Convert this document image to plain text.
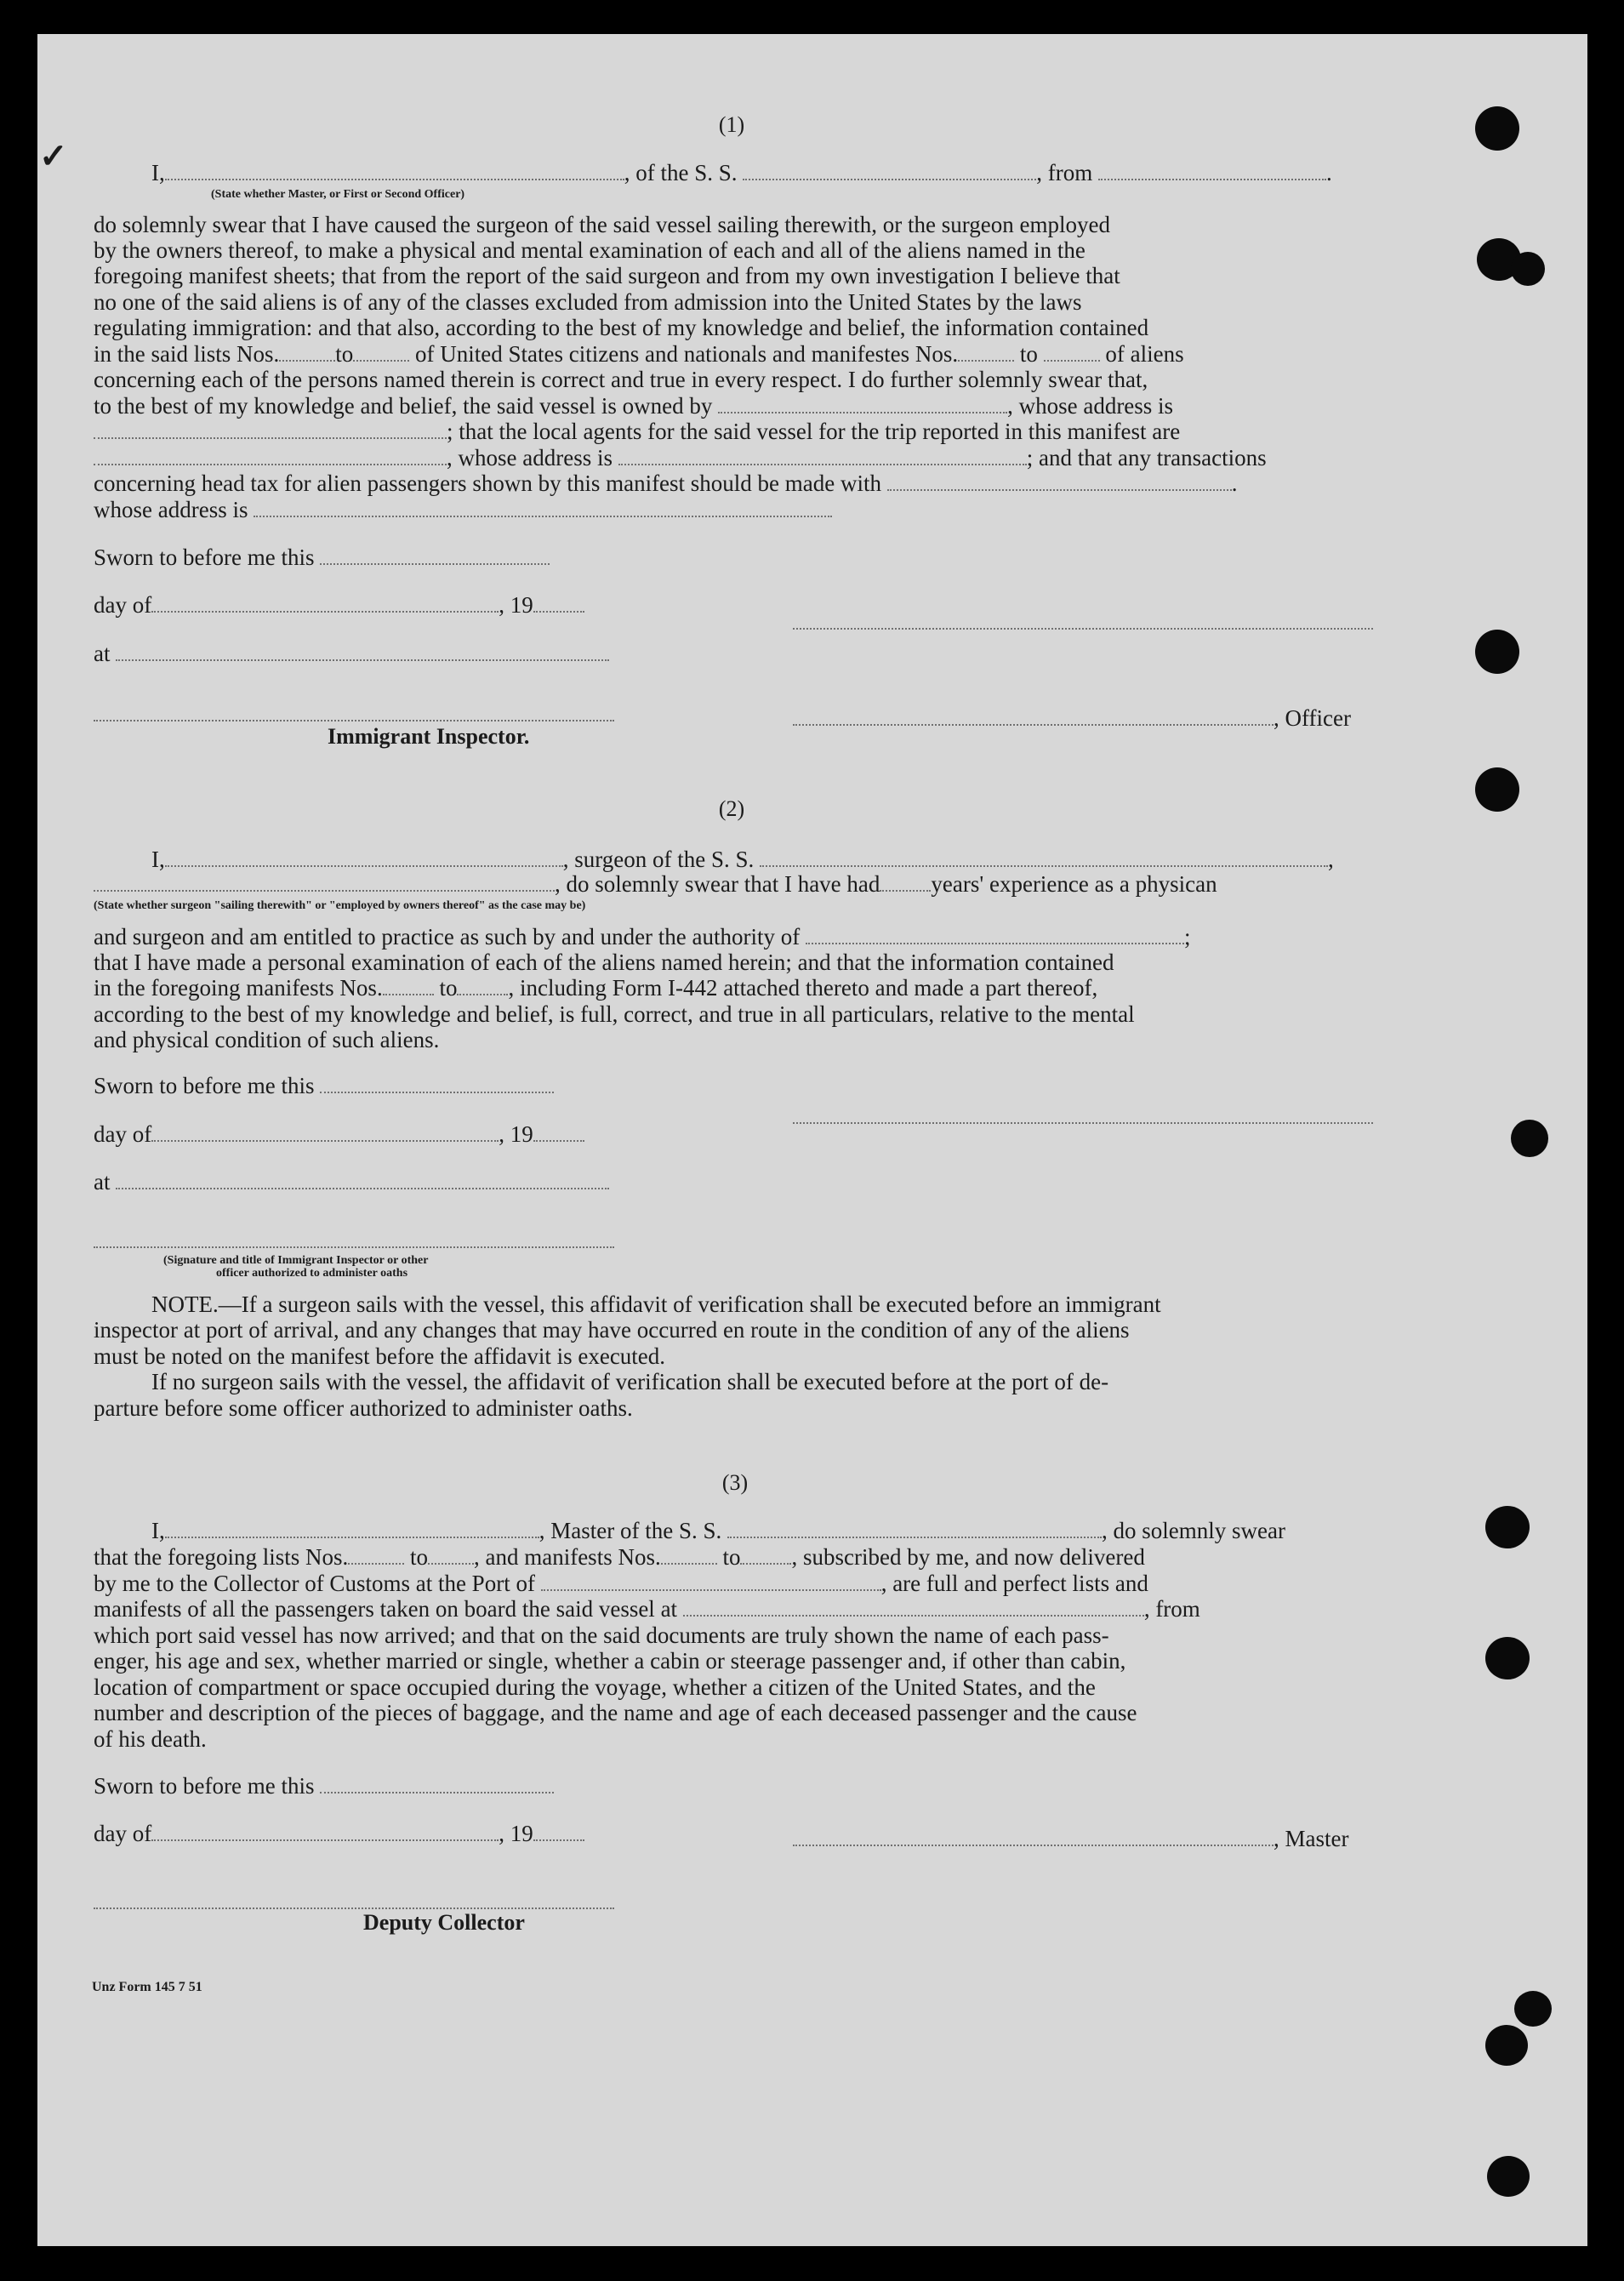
✓
(1)
I,	, of the S. S.	, from	.
(State whether Master, or First or Second Officer)
do solemnly swear that I have caused the surgeon of the said vessel sailing therewith, or the surgeon employed
by the owners thereof, to make a physical and mental examination of each and all of the aliens named in the
foregoing manifest sheets; that from the report of the said surgeon and from my own investigation I believe that
no one of the said aliens is of any of the classes excluded from admission into the United States by the laws
regulating immigration: and that also, according to the best of my knowledge and belief, the information contained
in the said lists Nos. to	of United States citizens and nationals and manifestes Nos.	to	of aliens
concerning each of the persons named therein is correct and true in every respect. I do further solemnly swear that,
to the best of my knowledge and belief, the said vessel is owned by	, whose address is
; that the local agents for the said vessel for the trip reported in this manifest are
, whose address is	; and that any transactions
concerning head tax for alien passengers shown by this manifest should be made with	.
whose address is
Sworn to before me this
day of	, 19
at
, Officer
Immigrant Inspector.
(2)
I,	, surgeon of the S. S.	,
, do solemnly swear that I have had years' experience as a physican
(State whether surgeon "sailing therewith" or "employed by owners thereof" as the case may be)
and surgeon and am entitled to practice as such by and under the authority of	;
that I have made a personal examination of each of the aliens named herein; and that the information contained
in the foregoing manifests Nos. to , including Form I-442 attached thereto and made a part thereof,
according to the best of my knowledge and belief, is full, correct, and true in all particulars, relative to the mental
and physical condition of such aliens.
Sworn to before me this
day of	, 19
at
(Signature and title of Immigrant Inspector or other
officer authorized to administer oaths
NOTE.—If a surgeon sails with the vessel, this affidavit of verification shall be executed before an immigrant
inspector at port of arrival, and any changes that may have occurred en route in the condition of any of the aliens
must be noted on the manifest before the affidavit is executed.
If no surgeon sails with the vessel, the affidavit of verification shall be executed before at the port of de-
parture before some officer authorized to administer oaths.
(3)
I,	, Master of the S. S.	, do solemnly swear
that the foregoing lists Nos.	to , and manifests Nos.	to , subscribed by me, and now delivered
by me to the Collector of Customs at the Port of	, are full and perfect lists and
manifests of all the passengers taken on board the said vessel at	, from
which port said vessel has now arrived; and that on the said documents are truly shown the name of each pass-
enger, his age and sex, whether married or single, whether a cabin or steerage passenger and, if other than cabin,
location of compartment or space occupied during the voyage, whether a citizen of the United States, and the
number and description of the pieces of baggage, and the name and age of each deceased passenger and the cause
of his death.
Sworn to before me this
day of	, 19	, Master
Deputy Collector
Unz Form 145 7 51
